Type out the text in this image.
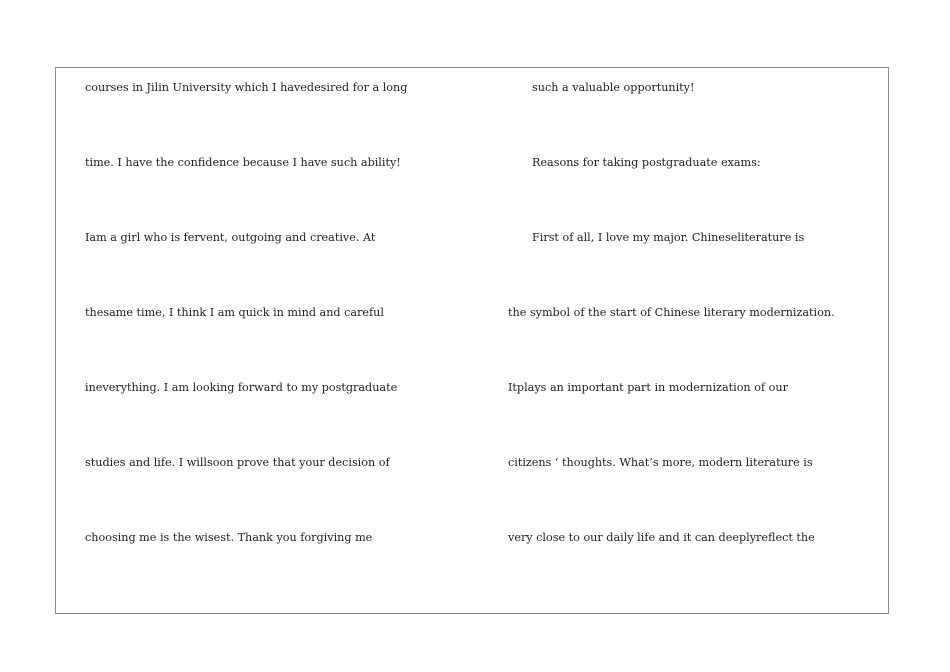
courses in Jilin University which I havedesired for a long
time. I have the confidence because I have such ability!
Iam a girl who is fervent, outgoing and creative. At
thesame time, I think I am quick in mind and careful
ineverything. I am looking forward to my postgraduate
studies and life. I willsoon prove that your decision of
choosing me is the wisest. Thank you forgiving me
such a valuable opportunity!
Reasons for taking postgraduate exams:
First of all, I love my major. Chineseliterature is
the symbol of the start of Chinese literary modernization.
Itplays an important part in modernization of our
citizens ‘ thoughts. What’s more, modern literature is
very close to our daily life and it can deeplyreflect the
